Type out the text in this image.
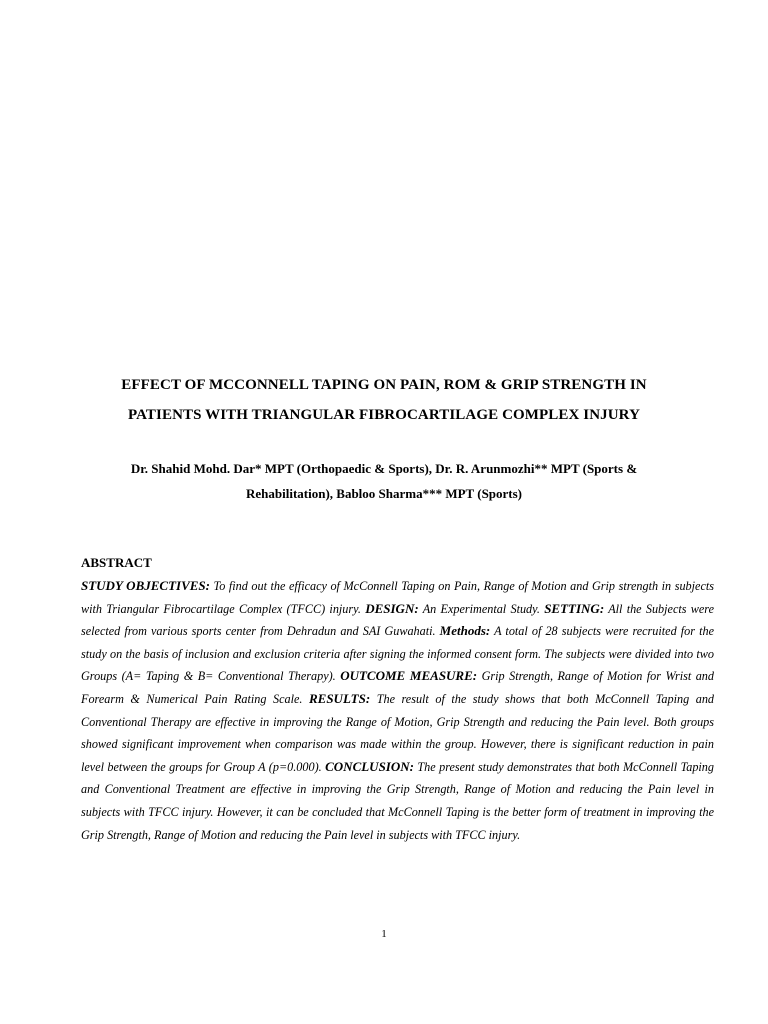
EFFECT OF MCCONNELL TAPING ON PAIN, ROM & GRIP STRENGTH IN
PATIENTS WITH TRIANGULAR FIBROCARTILAGE COMPLEX INJURY

Dr. Shahid Mohd. Dar* MPT (Orthopaedic & Sports), Dr. R. Arunmozhi** MPT (Sports &
Rehabilitation), Babloo Sharma*** MPT (Sports)

ABSTRACT

STUDY OBJECTIVES: To find out the efficacy of McConnell Taping on Pain, Range of Motion and Grip strength in subjects with Triangular Fibrocartilage Complex (TFCC) injury. DESIGN: An Experimental Study. SETTING: All the Subjects were selected from various sports center from Dehradun and SAI Guwahati. Methods: A total of 28 subjects were recruited for the study on the basis of inclusion and exclusion criteria after signing the informed consent form. The subjects were divided into two Groups (A= Taping & B= Conventional Therapy). OUTCOME MEASURE: Grip Strength, Range of Motion for Wrist and Forearm & Numerical Pain Rating Scale. RESULTS: The result of the study shows that both McConnell Taping and Conventional Therapy are effective in improving the Range of Motion, Grip Strength and reducing the Pain level. Both groups showed significant improvement when comparison was made within the group. However, there is significant reduction in pain level between the groups for Group A (p=0.000). CONCLUSION: The present study demonstrates that both McConnell Taping and Conventional Treatment are effective in improving the Grip Strength, Range of Motion and reducing the Pain level in subjects with TFCC injury. However, it can be concluded that McConnell Taping is the better form of treatment in improving the Grip Strength, Range of Motion and reducing the Pain level in subjects with TFCC injury.

1
